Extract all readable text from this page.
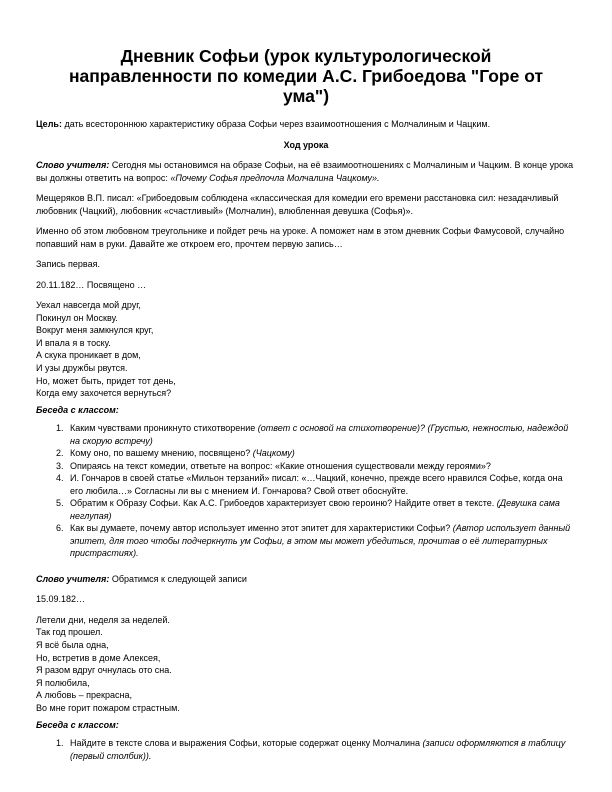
Дневник Софьи (урок культурологической направленности по комедии А.С. Грибоедова "Горе от ума")

Цель: дать всестороннюю характеристику образа Софьи через взаимоотношения с Молчалиным и Чацким.

Ход урока

Слово учителя: Сегодня мы остановимся на образе Софьи, на её взаимоотношениях с Молчалиным и Чацким. В конце урока вы должны ответить на вопрос: «Почему Софья предпочла Молчалина Чацкому».

Мещеряков В.П. писал: «Грибоедовым соблюдена «классическая для комедии его времени расстановка сил: незадачливый любовник (Чацкий), любовник «счастливый» (Молчалин), влюбленная девушка (Софья)».

Именно об этом любовном треугольнике и пойдет речь на уроке. А поможет нам в этом дневник Софьи Фамусовой, случайно попавший нам в руки. Давайте же откроем его, прочтем первую запись…

Запись первая.

20.11.182… Посвящено …

Уехал навсегда мой друг,

Покинул он Москву.

Вокруг меня замкнулся круг,

И впала я в тоску.

А скука проникает в дом,

И узы дружбы рвутся.

Но, может быть, придет тот день,

Когда ему захочется вернуться?

Беседа с классом:

1. Каким чувствами проникнуто стихотворение (ответ с основой на стихотворение)? (Грустью, нежностью, надеждой на скорую встречу)
2. Кому оно, по вашему мнению, посвящено? (Чацкому)
3. Опираясь на текст комедии, ответьте на вопрос: «Какие отношения существовали между героями»?
4. И. Гончаров в своей статье «Мильон терзаний» писал: «…Чацкий, конечно, прежде всего нравился Софье, когда она его любила…» Согласны ли вы с мнением И. Гончарова? Свой ответ обоснуйте.
5. Обратим к Образу Софьи. Как А.С. Грибоедов характеризует свою героиню? Найдите ответ в тексте. (Девушка сама неглупая)
6. Как вы думаете, почему автор использует именно этот эпитет для характеристики Софьи? (Автор использует данный эпитет, для того чтобы подчеркнуть ум Софьи, в этом мы может убедиться, прочитав о её литературных пристрастиях).

Слово учителя: Обратимся к следующей записи

15.09.182…

Летели дни, неделя за неделей.

Так год прошел.

Я всё была одна,

Но, встретив в доме Алексея,

Я разом вдруг очнулась ото сна.

Я полюбила,

А любовь – прекрасна,

Во мне горит пожаром страстным.

Беседа с классом:

1. Найдите в тексте слова и выражения Софьи, которые содержат оценку Молчалина (записи оформляются в таблицу (первый столбик)).
